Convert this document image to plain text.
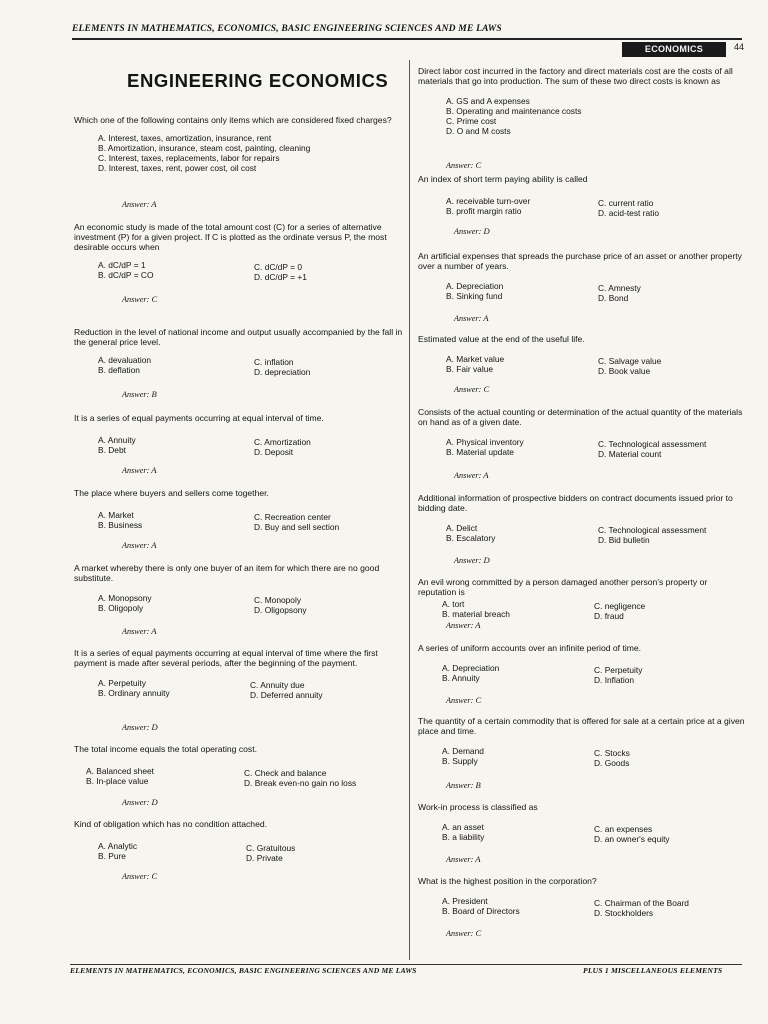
ELEMENTS IN MATHEMATICS, ECONOMICS, BASIC ENGINEERING SCIENCES AND ME LAWS
ECONOMICS	44
ENGINEERING ECONOMICS

Which one of the following contains only items which are considered fixed charges?

A. Interest, taxes, amortization, insurance, rent
B. Amortization, insurance, steam cost, painting, cleaning
C. Interest, taxes, replacements, labor for repairs
D. Interest, taxes, rent, power cost, oil cost
Answer: A

An economic study is made of the total amount cost (C) for a series of alternative investment (P) for a given project. If C is plotted as the ordinate versus P, the most desirable occurs when

A. dC/dP = 1	C. dC/dP = 0
B. dC/dP = CO	D. dC/dP = +1
Answer: C

Reduction in the level of national income and output usually accompanied by the fall in the general price level.

A. devaluation	C. inflation
B. deflation	D. depreciation
Answer: B

It is a series of equal payments occurring at equal interval of time.

A. Annuity	C. Amortization
B. Debt	D. Deposit
Answer: A

The place where buyers and sellers come together.

A. Market	C. Recreation center
B. Business	D. Buy and sell section
Answer: A

A market whereby there is only one buyer of an item for which there are no good substitute.

A. Monopsony	C. Monopoly
B. Oligopoly	D. Oligopsony
Answer: A

It is a series of equal payments occurring at equal interval of time where the first payment is made after several periods, after the beginning of the payment.

A. Perpetuity	C. Annuity due
B. Ordinary annuity	D. Deferred annuity
Answer: D

The total income equals the total operating cost.

A. Balanced sheet	C. Check and balance
B. In-place value	D. Break even-no gain no loss
Answer: D

Kind of obligation which has no condition attached.

A. Analytic	C. Gratuitous
B. Pure	D. Private
Answer: C

Direct labor cost incurred in the factory and direct materials cost are the costs of all materials that go into production. The sum of these two direct costs is known as

A. GS and A expenses
B. Operating and maintenance costs
C. Prime cost
D. O and M costs
Answer: C

An index of short term paying ability is called

A. receivable turn-over	C. current ratio
B. profit margin ratio	D. acid-test ratio
Answer: D

An artificial expenses that spreads the purchase price of an asset or another property over a number of years.

A. Depreciation	C. Amnesty
B. Sinking fund	D. Bond
Answer: A

Estimated value at the end of the useful life.

A. Market value	C. Salvage value
B. Fair value	D. Book value
Answer: C

Consists of the actual counting or determination of the actual quantity of the materials on hand as of a given date.

A. Physical inventory	C. Technological assessment
B. Material update	D. Material count
Answer: A

Additional information of prospective bidders on contract documents issued prior to bidding date.

A. Delict	C. Technological assessment
B. Escalatory	D. Bid bulletin
Answer: D

An evil wrong committed by a person damaged another person's property or reputation is

A. tort	C. negligence
B. material breach	D. fraud
Answer: A

A series of uniform accounts over an infinite period of time.

A. Depreciation	C. Perpetuity
B. Annuity	D. Inflation
Answer: C

The quantity of a certain commodity that is offered for sale at a certain price at a given place and time.

A. Demand	C. Stocks
B. Supply	D. Goods
Answer: B

Work-in process is classified as

A. an asset	C. an expenses
B. a liability	D. an owner's equity
Answer: A

What is the highest position in the corporation?

A. President	C. Chairman of the Board
B. Board of Directors	D. Stockholders
Answer: C
ELEMENTS IN MATHEMATICS, ECONOMICS, BASIC ENGINEERING SCIENCES AND ME LAWS	PLUS 1 MISCELLANEOUS ELEMENTS
